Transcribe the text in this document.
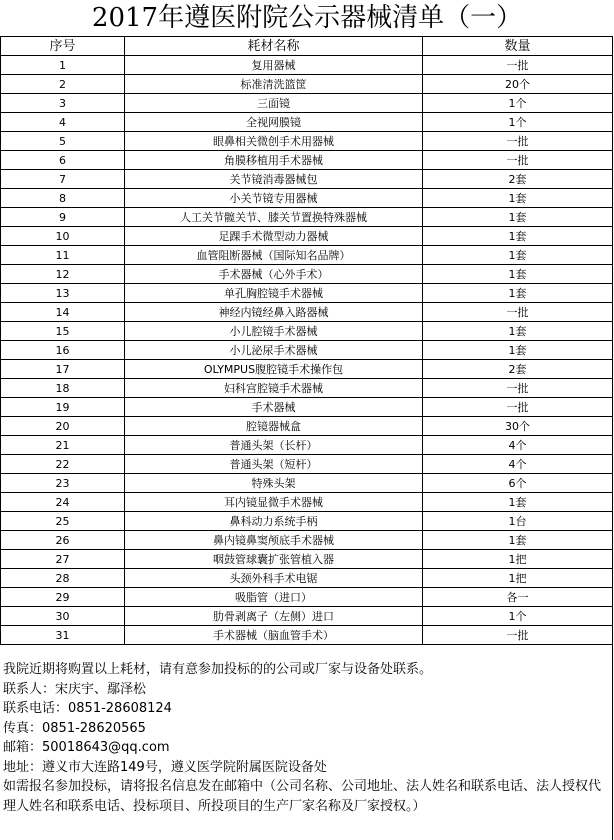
2017年遵医附院公示器械清单（一）
序号	耗材名称	数量
1	复用器械	一批
2	标准清洗篮筐	20个
3	三面镜	1个
4	全视网膜镜	1个
5	眼鼻相关微创手术用器械	一批
6	角膜移植用手术器械	一批
7	关节镜消毒器械包	2套
8	小关节镜专用器械	1套
9	人工关节髋关节、膝关节置换特殊器械	1套
10	足踝手术微型动力器械	1套
11	血管阻断器械（国际知名品牌）	1套
12	手术器械（心外手术）	1套
13	单孔胸腔镜手术器械	1套
14	神经内镜经鼻入路器械	一批
15	小儿腔镜手术器械	1套
16	小儿泌尿手术器械	1套
17	OLYMPUS腹腔镜手术操作包	2套
18	妇科宫腔镜手术器械	一批
19	手术器械	一批
20	腔镜器械盒	30个
21	普通头架（长杆）	4个
22	普通头架（短杆）	4个
23	特殊头架	6个
24	耳内镜显微手术器械	1套
25	鼻科动力系统手柄	1台
26	鼻内镜鼻窦颅底手术器械	1套
27	咽鼓管球囊扩张管植入器	1把
28	头颈外科手术电锯	1把
29	吸脂管（进口）	各一
30	肋骨剥离子（左侧）进口	1个
31	手术器械（脑血管手术）	一批
我院近期将购置以上耗材，请有意参加投标的的公司或厂家与设备处联系。
联系人：宋庆宇、鄢泽松
联系电话：0851-28608124
传真：0851-28620565
邮箱：50018643@qq.com
地址：遵义市大连路149号，遵义医学院附属医院设备处
如需报名参加投标，请将报名信息发在邮箱中（公司名称、公司地址、法人姓名和联系电话、法人授权代理人姓名和联系电话、投标项目、所投项目的生产厂家名称及厂家授权。）
